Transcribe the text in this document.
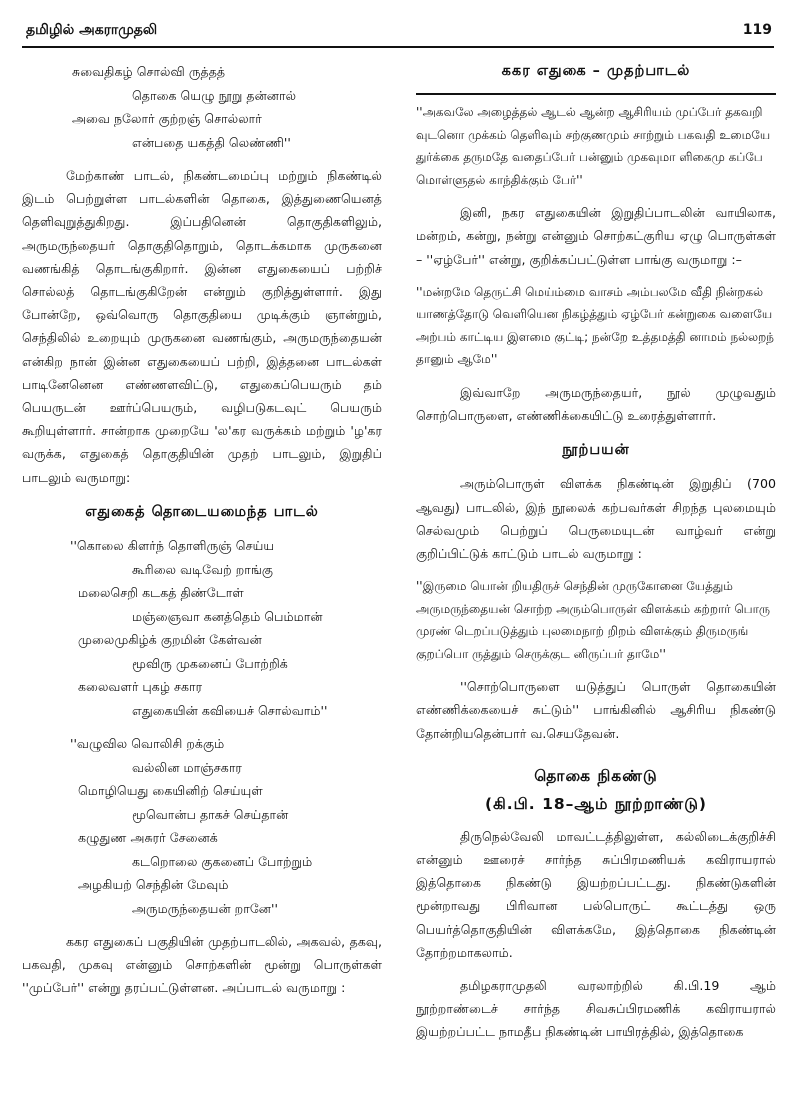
தமிழில் அகராமுதலி	119

சுவைதிகழ் சொல்வி ருத்தத்

தொகை யெழு நூறு தன்னால்

அவை நலோர் குற்றஞ் சொல்லார்

என்பதை யகத்தி லெண்ணி''

மேற்காண் பாடல், நிகண்டமைப்பு மற்றும் நிகண்டில் இடம் பெற்றுள்ள பாடல்களின் தொகை, இத்துணையெனத் தெளிவுறுத்துகிறது. இப்பதினென் தொகுதிகளிலும், அருமருந்தையர் தொகுதிதொறும், தொடக்கமாக முருகனை வணங்கித் தொடங்குகிறார். இன்ன எதுகையைப் பற்றிச் சொல்லத் தொடங்குகிறேன் என்றும் குறித்துள்ளார். இது போன்றே, ஒவ்வொரு தொகுதியை முடிக்கும் ஞான்றும், செந்திலில் உறையும் முருகனை வணங்கும், அருமருந்தையன் என்கிற நான் இன்ன எதுகையைப் பற்றி, இத்தனை பாடல்கள் பாடினேனென எண்ணளவிட்டு, எதுகைப்பெயரும் தம் பெயருடன் ஊர்ப்பெயரும், வழிபடுகடவுட் பெயரும் கூறியுள்ளார். சான்றாக முறையே 'ல'கர வருக்கம் மற்றும் 'ழ'கர வருக்க, எதுகைத் தொகுதியின் முதற் பாடலும், இறுதிப் பாடலும் வருமாறு:

எதுகைத் தொடையமைந்த பாடல்

''கொலை கிளர்ந் தொளிருஞ் செய்ய

கூரிலை வடிவேற் றாங்கு

மலைசெறி கடகத் திண்டோள்

மஞ்ஞைவா கனத்தெம் பெம்மான்

முலைமுகிழ்க் குறமின் கேள்வன்

மூவிரு முகனைப் போற்றிக்

கலைவளர் புகழ் சகார

எதுகையின் கவியைச் சொல்வாம்''

''வழுவில வொலிசி றக்கும்

வல்லின மாஞ்சகார

மொழியெது கையினிற் செய்யுள்

மூவொன்ப தாகச் செய்தான்

கழுதுண அசுரர் சேனைக்

கடறொலை குகனைப் போற்றும்

அழகியற் செந்தின் மேவும்

அருமருந்தையன் றானே''

ககர எதுகைப் பகுதியின் முதற்பாடலில், அகவல், தகவு, பகவதி, முகவு என்னும் சொற்களின் மூன்று பொருள்கள் ''முப்பேர்'' என்று தரப்பட்டுள்ளன. அப்பாடல் வருமாறு :

ககர எதுகை – முதற்பாடல்

''அகவலே அழைத்தல் ஆடல் ஆன்ற ஆசிரியம் முப்பேர் தகவறி வுடனொ முக்கம் தெளிவும் சற்குணமும் சாற்றும் பகவதி உமையே துர்க்கை தருமதே வதைப்பேர் பன்னும் முகவுமா ளிகைமு கப்பே மொள்ளுதல் காந்திக்கும் பேர்''

இனி, நகர எதுகையின் இறுதிப்பாடலின் வாயிலாக, மன்றம், கன்று, நன்று என்னும் சொற்கட்குரிய ஏழு பொருள்கள் – ''ஏழ்பேர்'' என்று, குறிக்கப்பட்டுள்ள பாங்கு வருமாறு :–

''மன்றமே தெருட்சி மெய்ம்மை வாசம் அம்பலமே வீதி நின்றகல் யாணத்தோடு வெளியென நிகழ்த்தும் ஏழ்பேர் கன்றுகை வளையே அற்பம் காட்டிய இளமை குட்டி; நன்றே உத்தமத்தி னாமம் நல்லறந் தானும் ஆமே''

இவ்வாறே அருமருந்தையர், நூல் முழுவதும் சொற்பொருளை, எண்ணிக்கையிட்டு உரைத்துள்ளார்.

நூற்பயன்

அரும்பொருள் விளக்க நிகண்டின் இறுதிப் (700 ஆவது) பாடலில், இந் நூலைக் கற்பவர்கள் சிறந்த புலமையும் செல்வமும் பெற்றுப் பெருமையுடன் வாழ்வர் என்று குறிப்பிட்டுக் காட்டும் பாடல் வருமாறு :

''இருமை யொன் றியதிருச் செந்தின் முருகோனை யேத்தும் அருமருந்தையன் சொற்ற அரும்பொருள் விளக்கம் கற்றார் பொரு முரண் டெறப்படுத்தும் புலமைநாற் றிறம் விளக்கும் திருமருங் குறப்பொ ருத்தும் செருக்குட னிருப்பர் தாமே''

''சொற்பொருளை யடுத்துப் பொருள் தொகையின் எண்ணிக்கையைச் சுட்டும்'' பாங்கினில் ஆசிரிய நிகண்டு தோன்றியதென்பார் வ.செயதேவன்.

தொகை நிகண்டு
(கி.பி. 18–ஆம் நூற்றாண்டு)

திருநெல்வேலி மாவட்டத்திலுள்ள, கல்லிடைக்குறிச்சி என்னும் ஊரைச் சார்ந்த சுப்பிரமணியக் கவிராயரால் இத்தொகை நிகண்டு இயற்றப்பட்டது. நிகண்டுகளின் மூன்றாவது பிரிவான பல்பொருட் கூட்டத்து ஒரு பெயர்த்தொகுதியின் விளக்கமே, இத்தொகை நிகண்டின் தோற்றமாகலாம்.

தமிழகராமுதலி வரலாற்றில் கி.பி.19 ஆம் நூற்றாண்டைச் சார்ந்த சிவசுப்பிரமணிக் கவிராயரால் இயற்றப்பட்ட நாமதீப நிகண்டின் பாயிரத்தில், இத்தொகை
